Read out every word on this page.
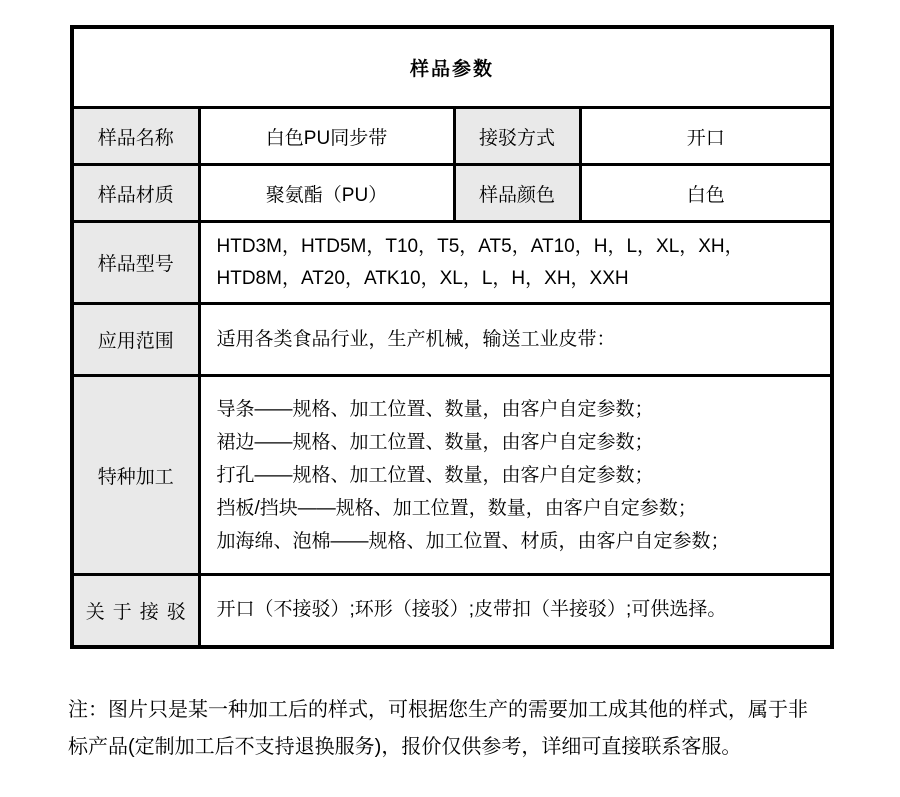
样品参数			
样品名称	白色PU同步带	接驳方式	开口
样品材质	聚氨酯（PU）	样品颜色	白色
样品型号	HTD3M，HTD5M，T10，T5，AT5，AT10，H，L，XL，XH，
HTD8M，AT20，ATK10，XL，L，H，XH，XXH		

应用范围	适用各类食品行业，生产机械，输送工业皮带：		
特种加工	导条——规格、加工位置、数量，由客户自定参数；
裙边——规格、加工位置、数量，由客户自定参数；
打孔——规格、加工位置、数量，由客户自定参数；
挡板/挡块——规格、加工位置，数量，由客户自定参数；
加海绵、泡棉——规格、加工位置、材质，由客户自定参数；		

关于接驳	开口（不接驳）;环形（接驳）;皮带扣（半接驳）;可供选择。		
注：图片只是某一种加工后的样式，可根据您生产的需要加工成其他的样式，属于非
标产品(定制加工后不支持退换服务)，报价仅供参考，详细可直接联系客服。
